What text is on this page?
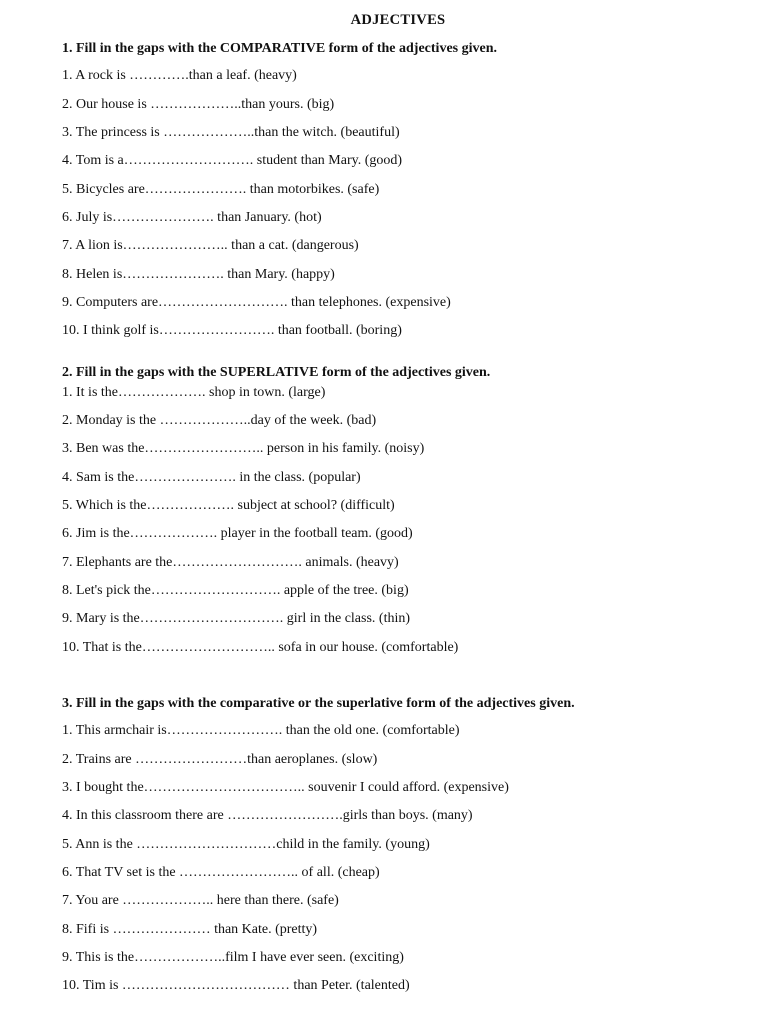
ADJECTIVES
1. Fill in the gaps with the COMPARATIVE form of the adjectives given.
1. A rock is ………….than a leaf. (heavy)
2. Our house is ………………..than yours. (big)
3. The princess is ………………..than the witch. (beautiful)
4. Tom is a………………………. student than Mary. (good)
5. Bicycles are…………………. than motorbikes. (safe)
6. July is…………………. than January. (hot)
7. A lion is………………….. than a cat. (dangerous)
8. Helen is…………………. than Mary. (happy)
9. Computers are………………………. than telephones. (expensive)
10. I think golf is……………………. than football. (boring)
2. Fill in the gaps with the SUPERLATIVE form of the adjectives given.
1. It is the………………. shop in town. (large)
2. Monday is the ………………..day of the week. (bad)
3. Ben was the…………………….. person in his family. (noisy)
4. Sam is the…………………. in the class. (popular)
5. Which is the………………. subject at school? (difficult)
6. Jim is the………………. player in the football team. (good)
7. Elephants are the………………………. animals. (heavy)
8. Let's pick the………………………. apple of the tree. (big)
9. Mary is the…………………………. girl in the class. (thin)
10. That is the……………………….. sofa in our house. (comfortable)
3. Fill in the gaps with the comparative or the superlative form of the adjectives given.
1. This armchair is……………………. than the old one. (comfortable)
2. Trains are ……………………than aeroplanes. (slow)
3. I bought the…………………………….. souvenir I could afford. (expensive)
4. In this classroom there are …………………….girls than boys. (many)
5. Ann is the …………………………child in the family. (young)
6. That TV set is the …………………….. of all. (cheap)
7. You are ……………….. here than there. (safe)
8. Fifi is ………………… than Kate. (pretty)
9. This is the………………..film I have ever seen. (exciting)
10. Tim is ……………………………… than Peter. (talented)
